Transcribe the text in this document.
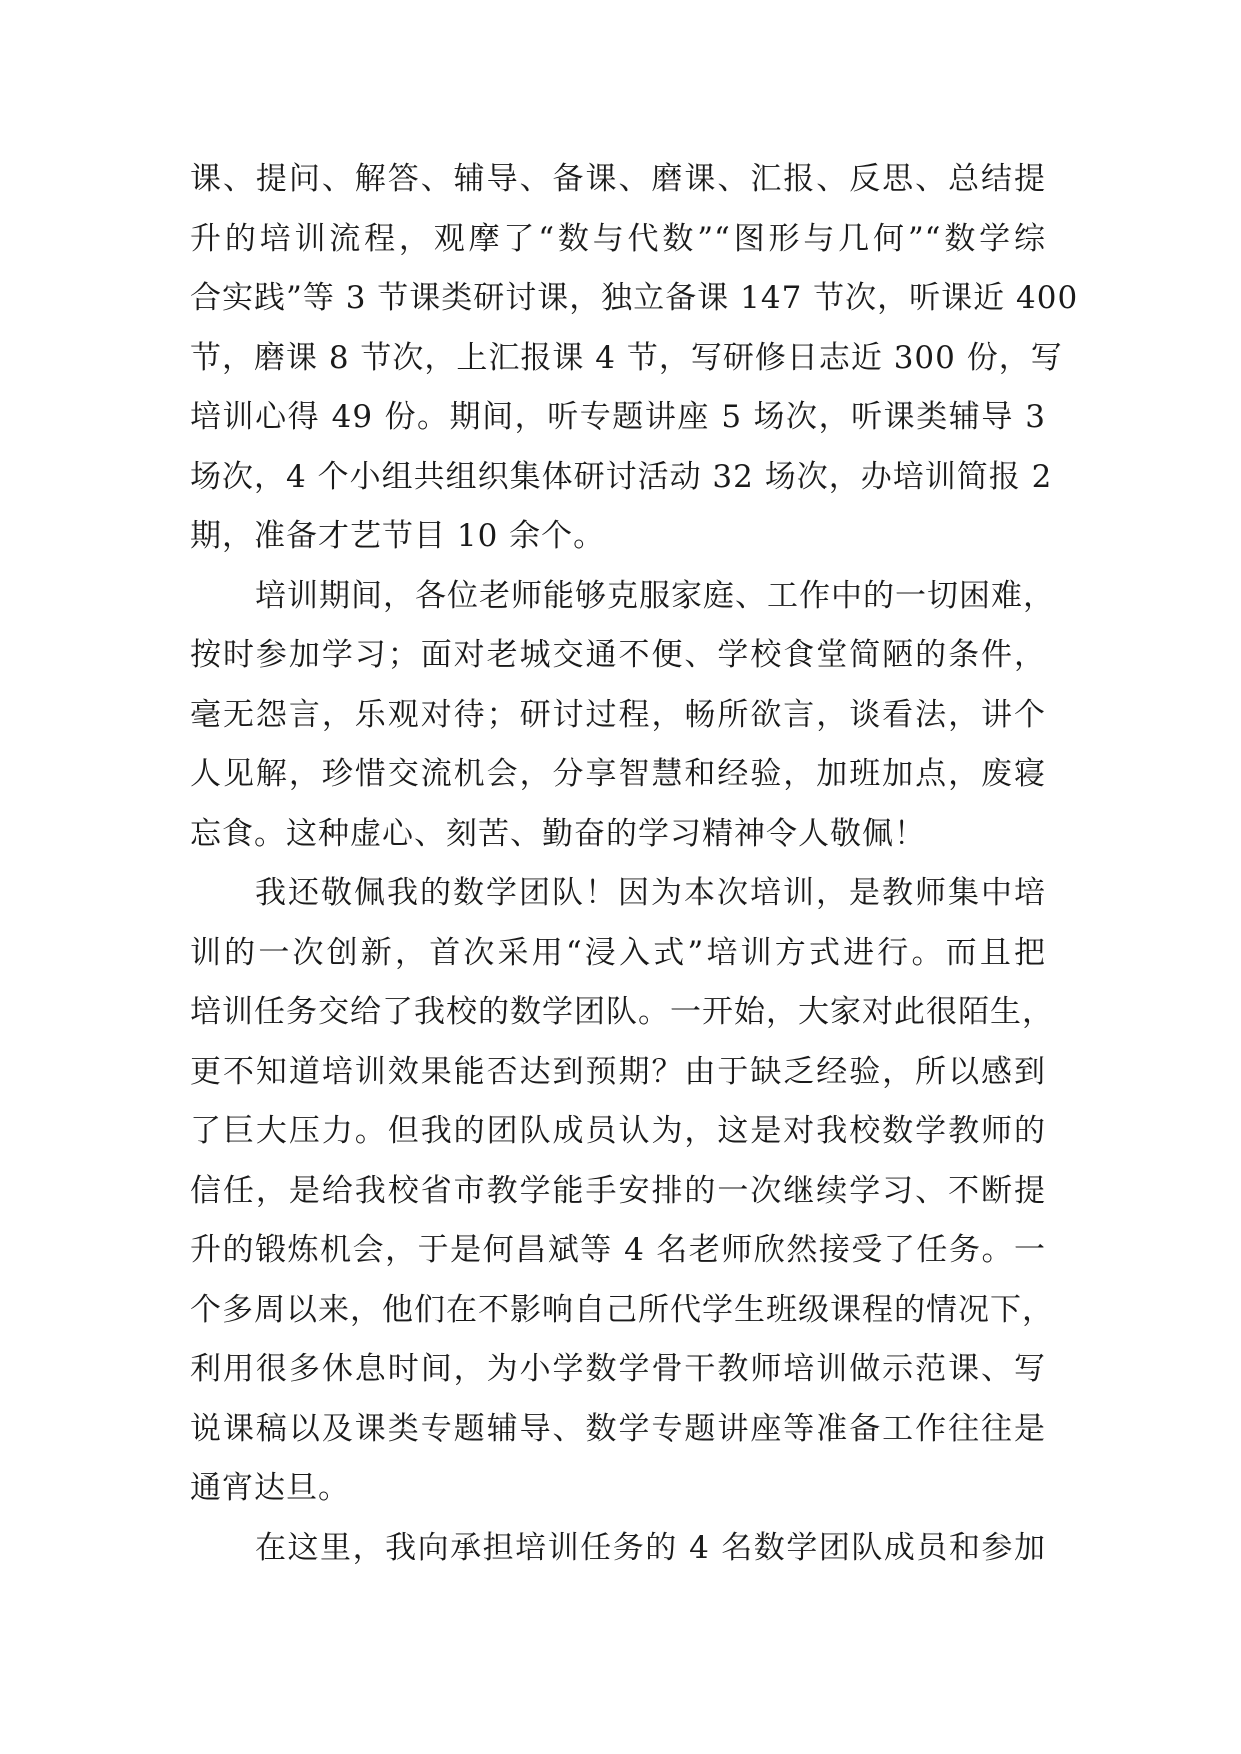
课、提问、解答、辅导、备课、磨课、汇报、反思、总结提
升的培训流程，观摩了“数与代数”“图形与几何”“数学综
合实践”等 3 节课类研讨课，独立备课 147 节次，听课近 400
节，磨课 8 节次，上汇报课 4 节，写研修日志近 300 份，写
培训心得 49 份。期间，听专题讲座 5 场次，听课类辅导 3
场次，4 个小组共组织集体研讨活动 32 场次，办培训简报 2
期，准备才艺节目 10 余个。
培训期间，各位老师能够克服家庭、工作中的一切困难，
按时参加学习；面对老城交通不便、学校食堂简陋的条件，
毫无怨言，乐观对待；研讨过程，畅所欲言，谈看法，讲个
人见解，珍惜交流机会，分享智慧和经验，加班加点，废寝
忘食。这种虚心、刻苦、勤奋的学习精神令人敬佩！
我还敬佩我的数学团队！因为本次培训，是教师集中培
训的一次创新，首次采用“浸入式”培训方式进行。而且把
培训任务交给了我校的数学团队。一开始，大家对此很陌生，
更不知道培训效果能否达到预期？由于缺乏经验，所以感到
了巨大压力。但我的团队成员认为，这是对我校数学教师的
信任，是给我校省市教学能手安排的一次继续学习、不断提
升的锻炼机会，于是何昌斌等 4 名老师欣然接受了任务。一
个多周以来，他们在不影响自己所代学生班级课程的情况下，
利用很多休息时间，为小学数学骨干教师培训做示范课、写
说课稿以及课类专题辅导、数学专题讲座等准备工作往往是
通宵达旦。
在这里，我向承担培训任务的 4 名数学团队成员和参加
